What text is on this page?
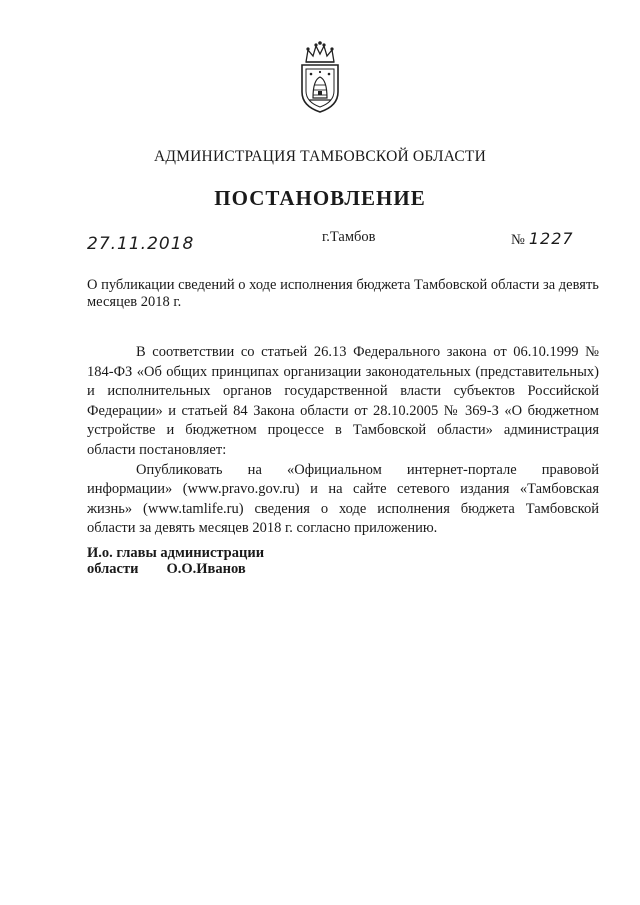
АДМИНИСТРАЦИЯ ТАМБОВСКОЙ ОБЛАСТИ
ПОСТАНОВЛЕНИЕ
27.11.2018	г.Тамбов	№ 1227
О публикации сведений о ходе исполнения бюджета Тамбовской области за девять месяцев 2018 г.

В соответствии со статьей 26.13 Федерального закона от 06.10.1999 № 184-ФЗ «Об общих принципах организации законодательных (представительных) и исполнительных органов государственной власти субъектов Российской Федерации» и статьей 84 Закона области от 28.10.2005 № 369-З «О бюджетном устройстве и бюджетном процессе в Тамбовской области» администрация области постановляет:

Опубликовать на «Официальном интернет-портале правовой информации» (www.pravo.gov.ru) и на сайте сетевого издания «Тамбовская жизнь» (www.tamlife.ru) сведения о ходе исполнения бюджета Тамбовской области за девять месяцев 2018 г. согласно приложению.

И.о. главы администрации
области О.О.Иванов
